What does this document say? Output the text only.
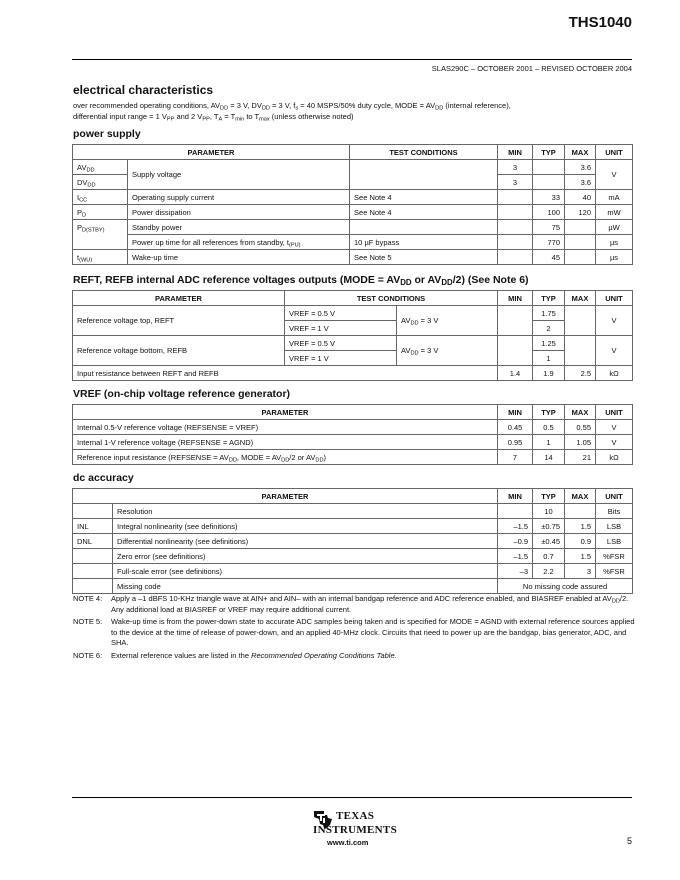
THS1040
SLAS290C – OCTOBER 2001 – REVISED OCTOBER 2004
electrical characteristics
over recommended operating conditions, $AV_{DD} = 3$ V, $DV_{DD} = 3$ V, $f_s = 40$ MSPS/50% duty cycle, MODE = $AV_{DD}$ (internal reference),
differential input range = 1 $V_{PP}$ and 2 $V_{PP}$, $T_A = T_{min}$ to $T_{max}$ (unless otherwise noted)
power supply
PARAMETER		TEST CONDITIONS	MIN	TYP	MAX	UNIT
$AV_{DD}$	Supply voltage		3		3.6	V
$DV_{DD}$			3		3.6	
$I_{CC}$	Operating supply current	See Note 4		33	40	mA
$P_D$	Power dissipation	See Note 4		100	120	mW
$P_{D(STBY)}$	Standby power			75		µW
	Power up time for all references from standby, $t_{(PU)}$	10 µF bypass		770		µs
$t_{(WU)}$	Wake-up time	See Note 5		45		µs
REFT, REFB internal ADC reference voltages outputs (MODE = $AV_{DD}$ or $AV_{DD}/2$) (See Note 6)
PARAMETER	TEST CONDITIONS		MIN	TYP	MAX	UNIT
Reference voltage top, REFT	VREF = 0.5 V	$AV_{DD} = 3$ V		1.75		V
	VREF = 1 V			2		
Reference voltage bottom, REFB	VREF = 0.5 V	$AV_{DD} = 3$ V		1.25		V
	VREF = 1 V			1		
Input resistance between REFT and REFB			1.4	1.9	2.5	kΩ
VREF (on-chip voltage reference generator)
PARAMETER	MIN	TYP	MAX	UNIT
Internal 0.5-V reference voltage (REFSENSE = VREF)	0.45	0.5	0.55	V
Internal 1-V reference voltage (REFSENSE = AGND)	0.95	1	1.05	V
Reference input resistance (REFSENSE = $AV_{DD}$, MODE = $AV_{DD}/2$ or $AV_{DD}$)	7	14	21	kΩ
dc accuracy
PARAMETER		MIN	TYP	MAX	UNIT
	Resolution		10		Bits
INL	Integral nonlinearity (see definitions)	–1.5	±0.75	1.5	LSB
DNL	Differential nonlinearity (see definitions)	–0.9	±0.45	0.9	LSB
	Zero error (see definitions)	–1.5	0.7	1.5	%FSR
	Full-scale error (see definitions)	–3	2.2	3	%FSR
	Missing code	No missing code assured			
NOTE 4:	Apply a –1 dBFS 10-KHz triangle wave at AIN+ and AIN– with an internal bandgap reference and ADC reference enabled, and BIASREF enabled at $AV_{DD}/2$. Any additional load at BIASREF or VREF may require additional current.
NOTE 5:	Wake-up time is from the power-down state to accurate ADC samples being taken and is specified for MODE = AGND with external reference sources applied to the device at the time of release of power-down, and an applied 40-MHz clock. Circuits that need to power up are the bandgap, bias generator, ADC, and SHA.
NOTE 6:	External reference values are listed in the Recommended Operating Conditions Table.
TEXAS
INSTRUMENTS
www.ti.com	5
